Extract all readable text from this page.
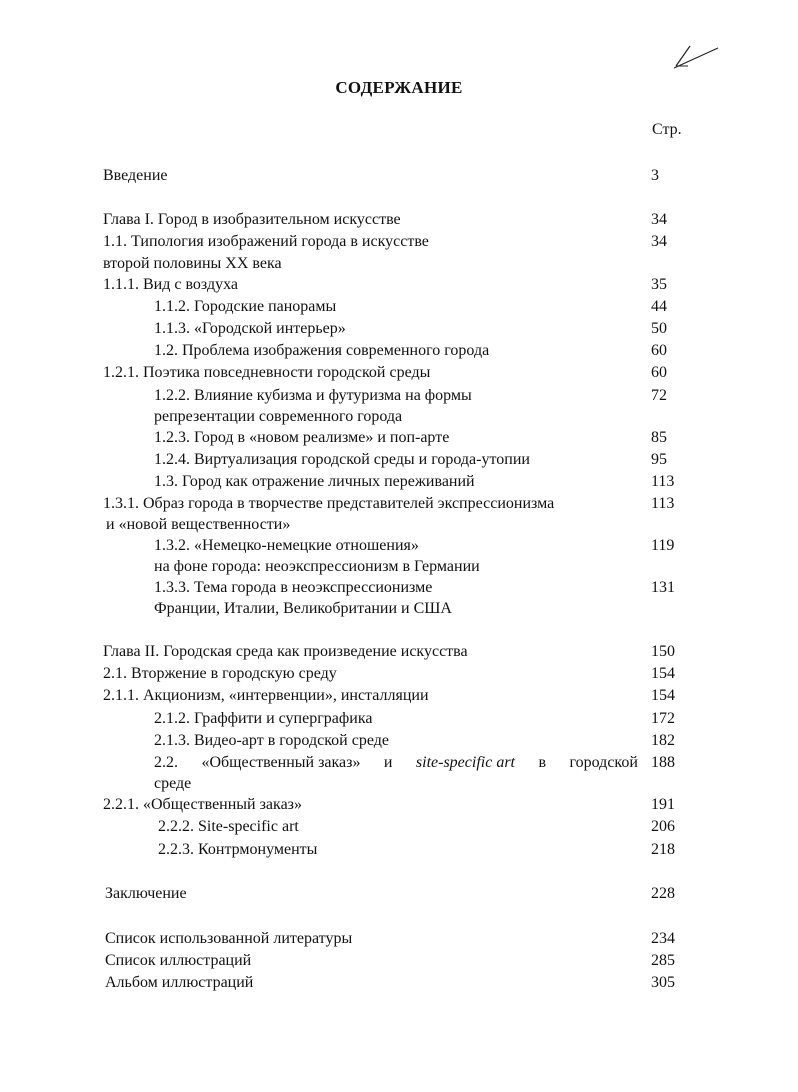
СОДЕРЖАНИЕ
Стр.
Введение	3
Глава I. Город в изобразительном искусстве	34
1.1. Типология изображений города в искусстве	34
второй половины XX века
1.1.1. Вид с воздуха	35
1.1.2. Городские панорамы	44
1.1.3. «Городской интерьер»	50
1.2. Проблема изображения современного города	60
1.2.1. Поэтика повседневности городской среды	60
1.2.2. Влияние кубизма и футуризма на формы	72
репрезентации современного города
1.2.3. Город в «новом реализме» и поп-арте	85
1.2.4. Виртуализация городской среды и города-утопии	95
1.3. Город как отражение личных переживаний	113
1.3.1. Образ города в творчестве представителей экспрессионизма	113
и «новой вещественности»
1.3.2. «Немецко-немецкие отношения»	119
на фоне города: неоэкспрессионизм в Германии
1.3.3. Тема города в неоэкспрессионизме	131
Франции, Италии, Великобритании и США
Глава II. Городская среда как произведение искусства	150
2.1. Вторжение в городскую среду	154
2.1.1. Акционизм, «интервенции», инсталляции	154
2.1.2. Граффити и суперграфика	172
2.1.3. Видео-арт в городской среде	182
2.2. «Общественный заказ» и site-specific art в городской 188
среде
2.2.1. «Общественный заказ»	191
2.2.2. Site-specific art	206
2.2.3. Контрмонументы	218
Заключение	228
Список использованной литературы	234
Список иллюстраций	285
Альбом иллюстраций	305
